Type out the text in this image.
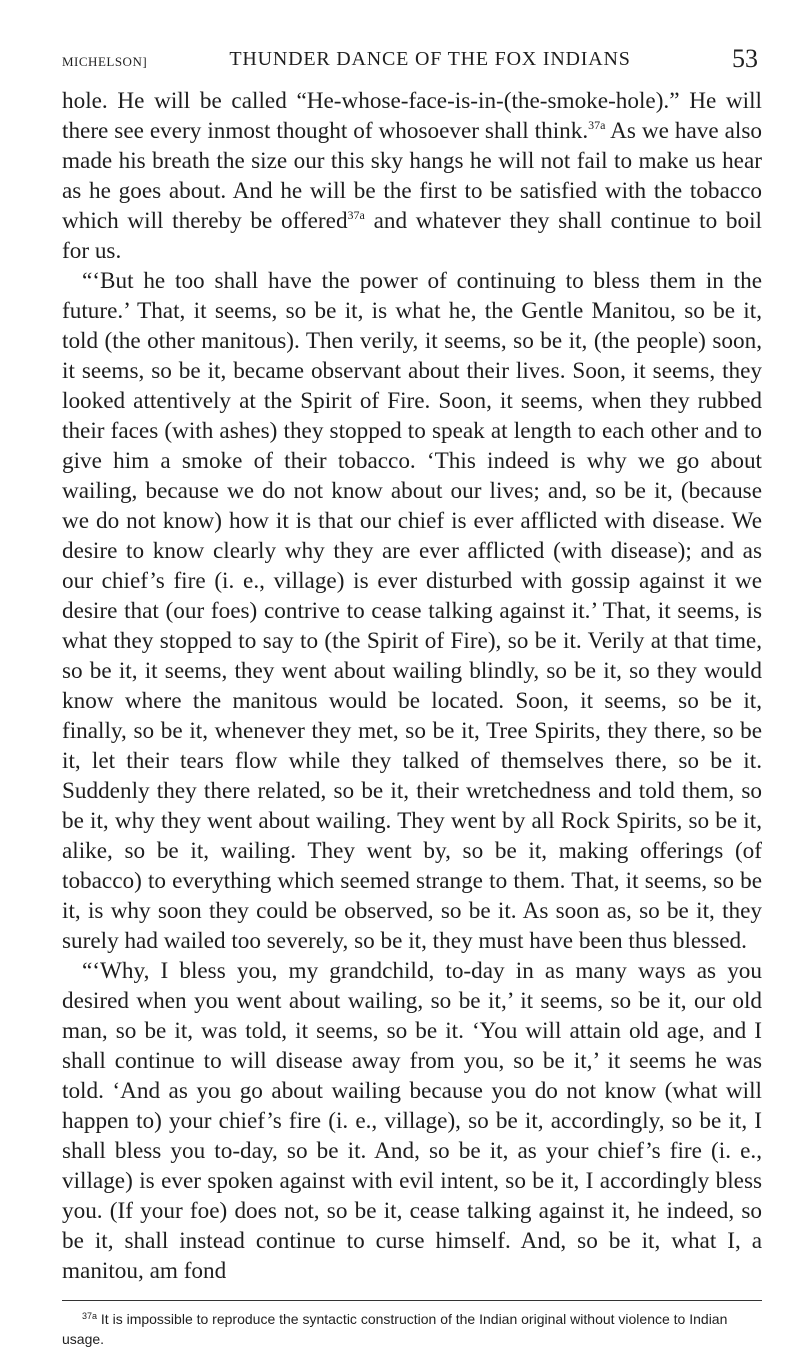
MICHELSON]	THUNDER DANCE OF THE FOX INDIANS	53

hole. He will be called “He-whose-face-is-in-(the-smoke-hole).” He will there see every inmost thought of whosoever shall think.$^{37a}$ As we have also made his breath the size our this sky hangs he will not fail to make us hear as he goes about. And he will be the first to be satisfied with the tobacco which will thereby be offered$^{37a}$ and whatever they shall continue to boil for us.

“‘But he too shall have the power of continuing to bless them in the future.’ That, it seems, so be it, is what he, the Gentle Manitou, so be it, told (the other manitous). Then verily, it seems, so be it, (the people) soon, it seems, so be it, became observant about their lives. Soon, it seems, they looked attentively at the Spirit of Fire. Soon, it seems, when they rubbed their faces (with ashes) they stopped to speak at length to each other and to give him a smoke of their tobacco. ‘This indeed is why we go about wailing, because we do not know about our lives; and, so be it, (because we do not know) how it is that our chief is ever afflicted with disease. We desire to know clearly why they are ever afflicted (with disease); and as our chief’s fire (i. e., village) is ever disturbed with gossip against it we desire that (our foes) contrive to cease talking against it.’ That, it seems, is what they stopped to say to (the Spirit of Fire), so be it. Verily at that time, so be it, it seems, they went about wailing blindly, so be it, so they would know where the manitous would be located. Soon, it seems, so be it, finally, so be it, whenever they met, so be it, Tree Spirits, they there, so be it, let their tears flow while they talked of themselves there, so be it. Suddenly they there related, so be it, their wretchedness and told them, so be it, why they went about wailing. They went by all Rock Spirits, so be it, alike, so be it, wailing. They went by, so be it, making offerings (of tobacco) to everything which seemed strange to them. That, it seems, so be it, is why soon they could be observed, so be it. As soon as, so be it, they surely had wailed too severely, so be it, they must have been thus blessed.

“‘Why, I bless you, my grandchild, to-day in as many ways as you desired when you went about wailing, so be it,’ it seems, so be it, our old man, so be it, was told, it seems, so be it. ‘You will attain old age, and I shall continue to will disease away from you, so be it,’ it seems he was told. ‘And as you go about wailing because you do not know (what will happen to) your chief’s fire (i. e., village), so be it, accordingly, so be it, I shall bless you to-day, so be it. And, so be it, as your chief’s fire (i. e., village) is ever spoken against with evil intent, so be it, I accordingly bless you. (If your foe) does not, so be it, cease talking against it, he indeed, so be it, shall instead continue to curse himself. And, so be it, what I, a manitou, am fond

$^{37a}$ It is impossible to reproduce the syntactic construction of the Indian original without violence to Indian usage.
